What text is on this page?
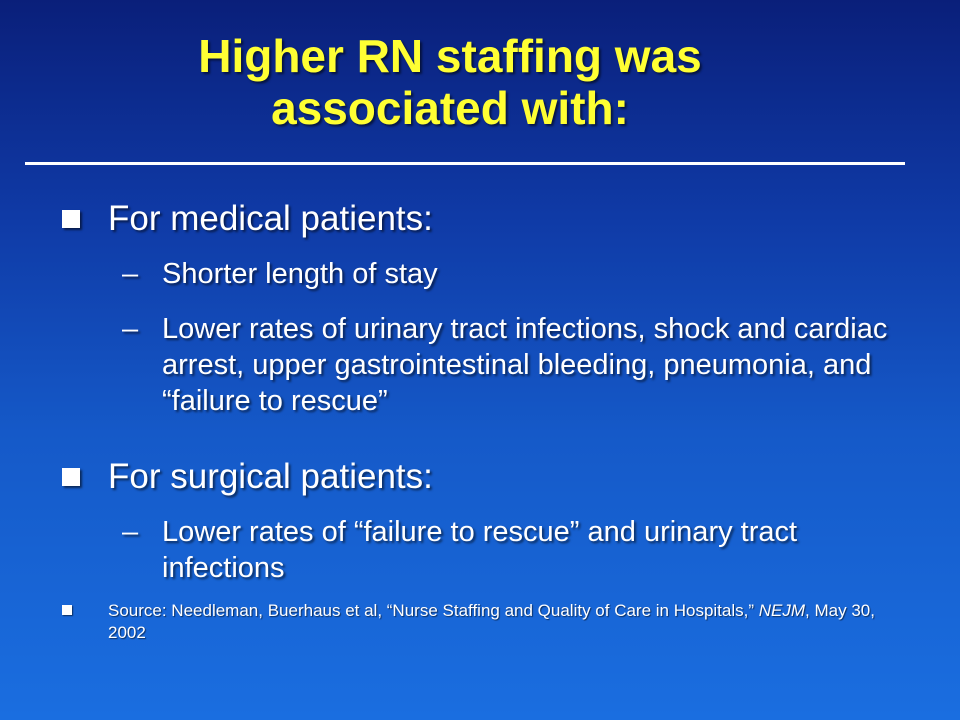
Higher RN staffing was
associated with:
For medical patients:
– Shorter length of stay
– Lower rates of urinary tract infections, shock and cardiac arrest, upper gastrointestinal bleeding, pneumonia, and “failure to rescue”
For surgical patients:
– Lower rates of “failure to rescue” and urinary tract infections
Source: Needleman, Buerhaus et al, “Nurse Staffing and Quality of Care in Hospitals,” NEJM, May 30, 2002
